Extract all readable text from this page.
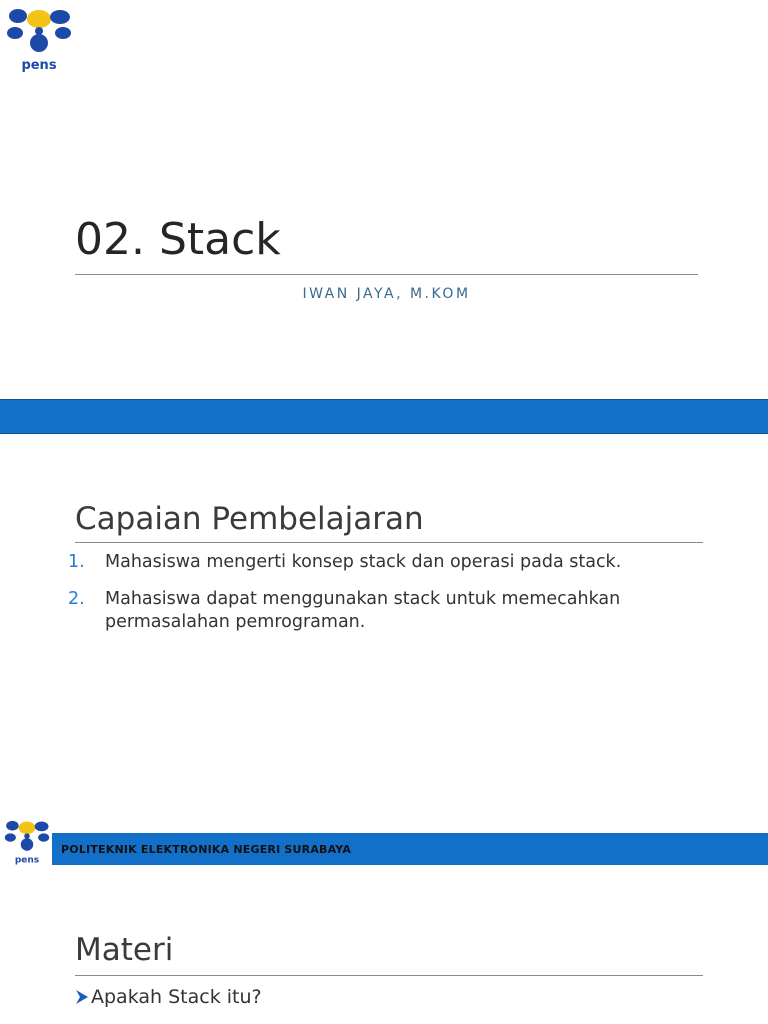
pens
02. Stack
IWAN JAYA, M.KOM
Capaian Pembelajaran
1.	Mahasiswa mengerti konsep stack dan operasi pada stack.
2.	Mahasiswa dapat menggunakan stack untuk memecahkan permasalahan pemrograman.
pens
POLITEKNIK ELEKTRONIKA NEGERI SURABAYA
Materi
Apakah Stack itu?
